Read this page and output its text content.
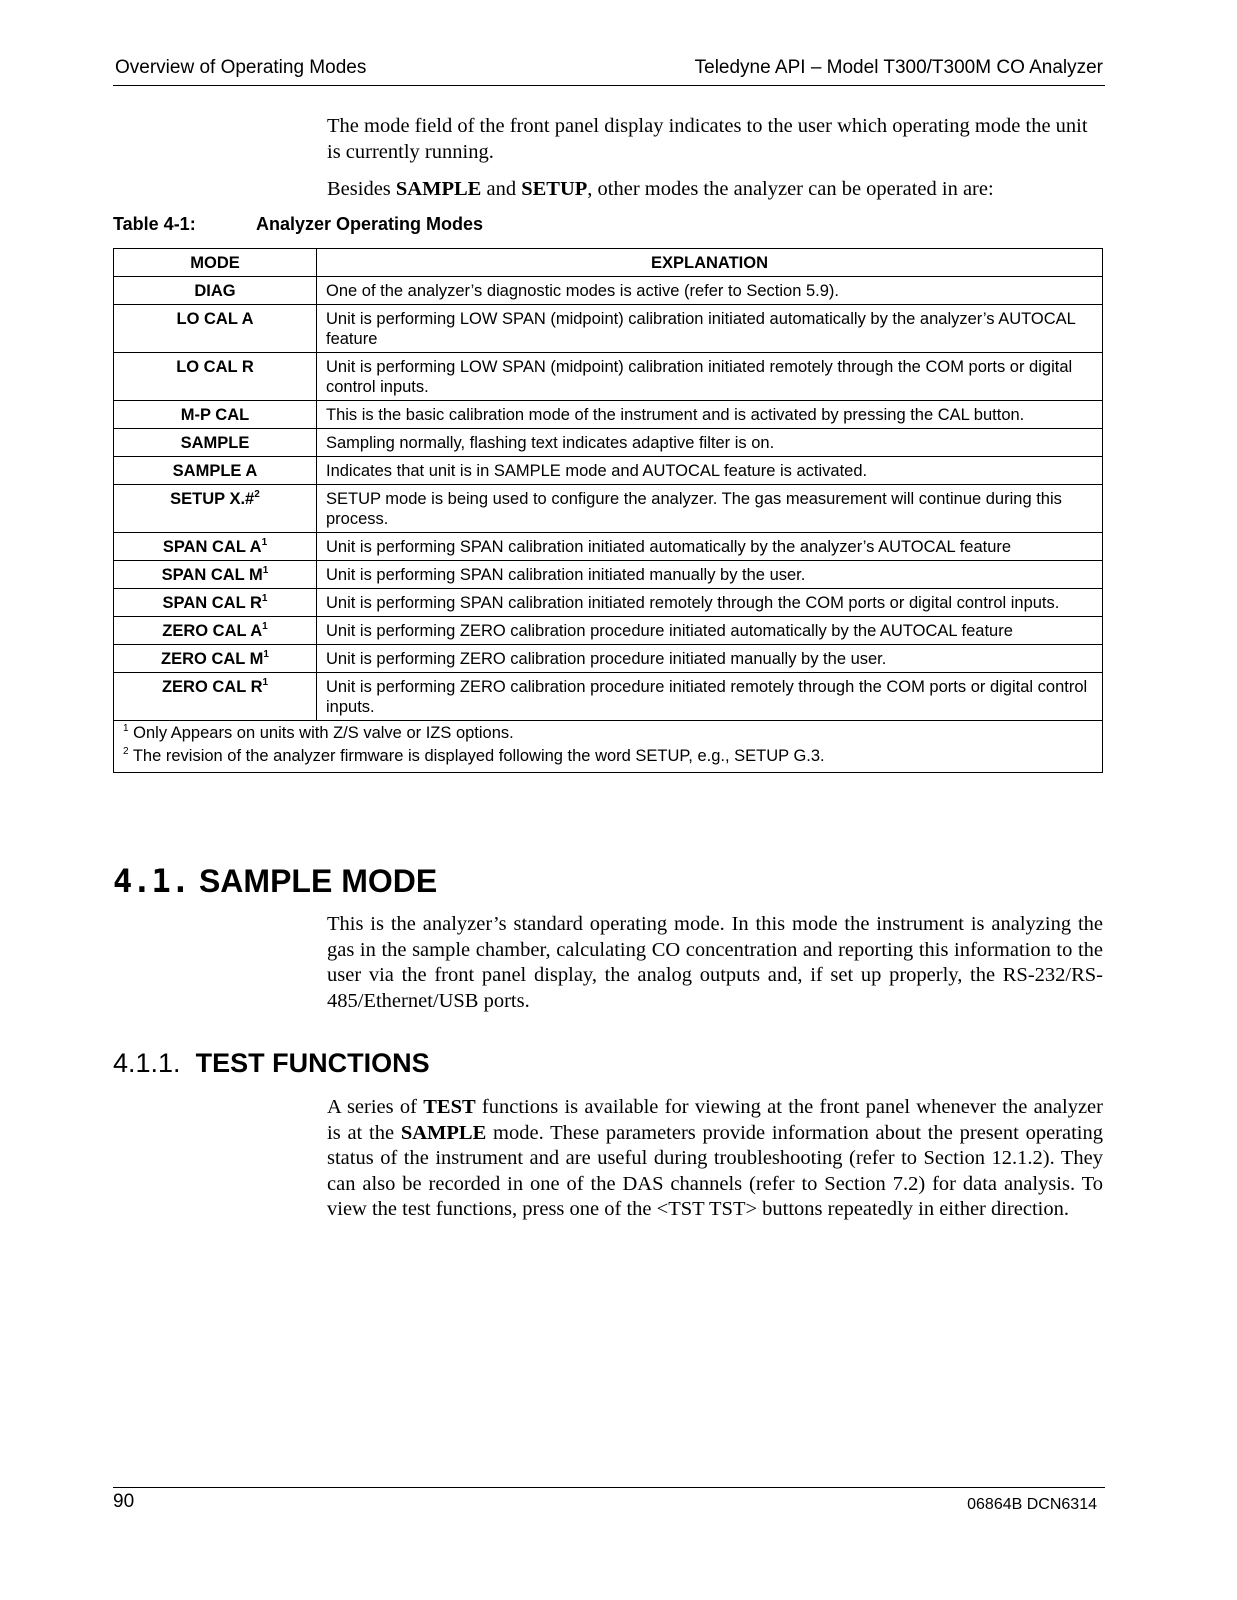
Overview of Operating Modes	Teledyne API – Model T300/T300M CO Analyzer
The mode field of the front panel display indicates to the user which operating mode the unit is currently running.
Besides SAMPLE and SETUP, other modes the analyzer can be operated in are:
Table 4-1:	Analyzer Operating Modes
MODE	EXPLANATION
DIAG	One of the analyzer’s diagnostic modes is active (refer to Section 5.9).
LO CAL A	Unit is performing LOW SPAN (midpoint) calibration initiated automatically by the analyzer’s AUTOCAL feature
LO CAL R	Unit is performing LOW SPAN (midpoint) calibration initiated remotely through the COM ports or digital control inputs.
M-P CAL	This is the basic calibration mode of the instrument and is activated by pressing the CAL button.
SAMPLE	Sampling normally, flashing text indicates adaptive filter is on.
SAMPLE A	Indicates that unit is in SAMPLE mode and AUTOCAL feature is activated.
SETUP X.#$^2$	SETUP mode is being used to configure the analyzer. The gas measurement will continue during this process.
SPAN CAL $A^1$	Unit is performing SPAN calibration initiated automatically by the analyzer’s AUTOCAL feature
SPAN CAL $M^1$	Unit is performing SPAN calibration initiated manually by the user.
SPAN CAL $R^1$	Unit is performing SPAN calibration initiated remotely through the COM ports or digital control inputs.
ZERO CAL $A^1$	Unit is performing ZERO calibration procedure initiated automatically by the AUTOCAL feature
ZERO CAL $M^1$	Unit is performing ZERO calibration procedure initiated manually by the user.
ZERO CAL $R^1$	Unit is performing ZERO calibration procedure initiated remotely through the COM ports or digital control inputs.

$^1$ Only Appears on units with Z/S valve or IZS options.
$^2$ The revision of the analyzer firmware is displayed following the word SETUP, e.g., SETUP G.3.	
4.1. SAMPLE MODE
This is the analyzer’s standard operating mode. In this mode the instrument is analyzing the gas in the sample chamber, calculating CO concentration and reporting this information to the user via the front panel display, the analog outputs and, if set up properly, the RS-232/RS-485/Ethernet/USB ports.
4.1.1. TEST FUNCTIONS
A series of TEST functions is available for viewing at the front panel whenever the analyzer is at the SAMPLE mode. These parameters provide information about the present operating status of the instrument and are useful during troubleshooting (refer to Section 12.1.2). They can also be recorded in one of the DAS channels (refer to Section 7.2) for data analysis. To view the test functions, press one of the <TST TST> buttons repeatedly in either direction.
90	06864B DCN6314
